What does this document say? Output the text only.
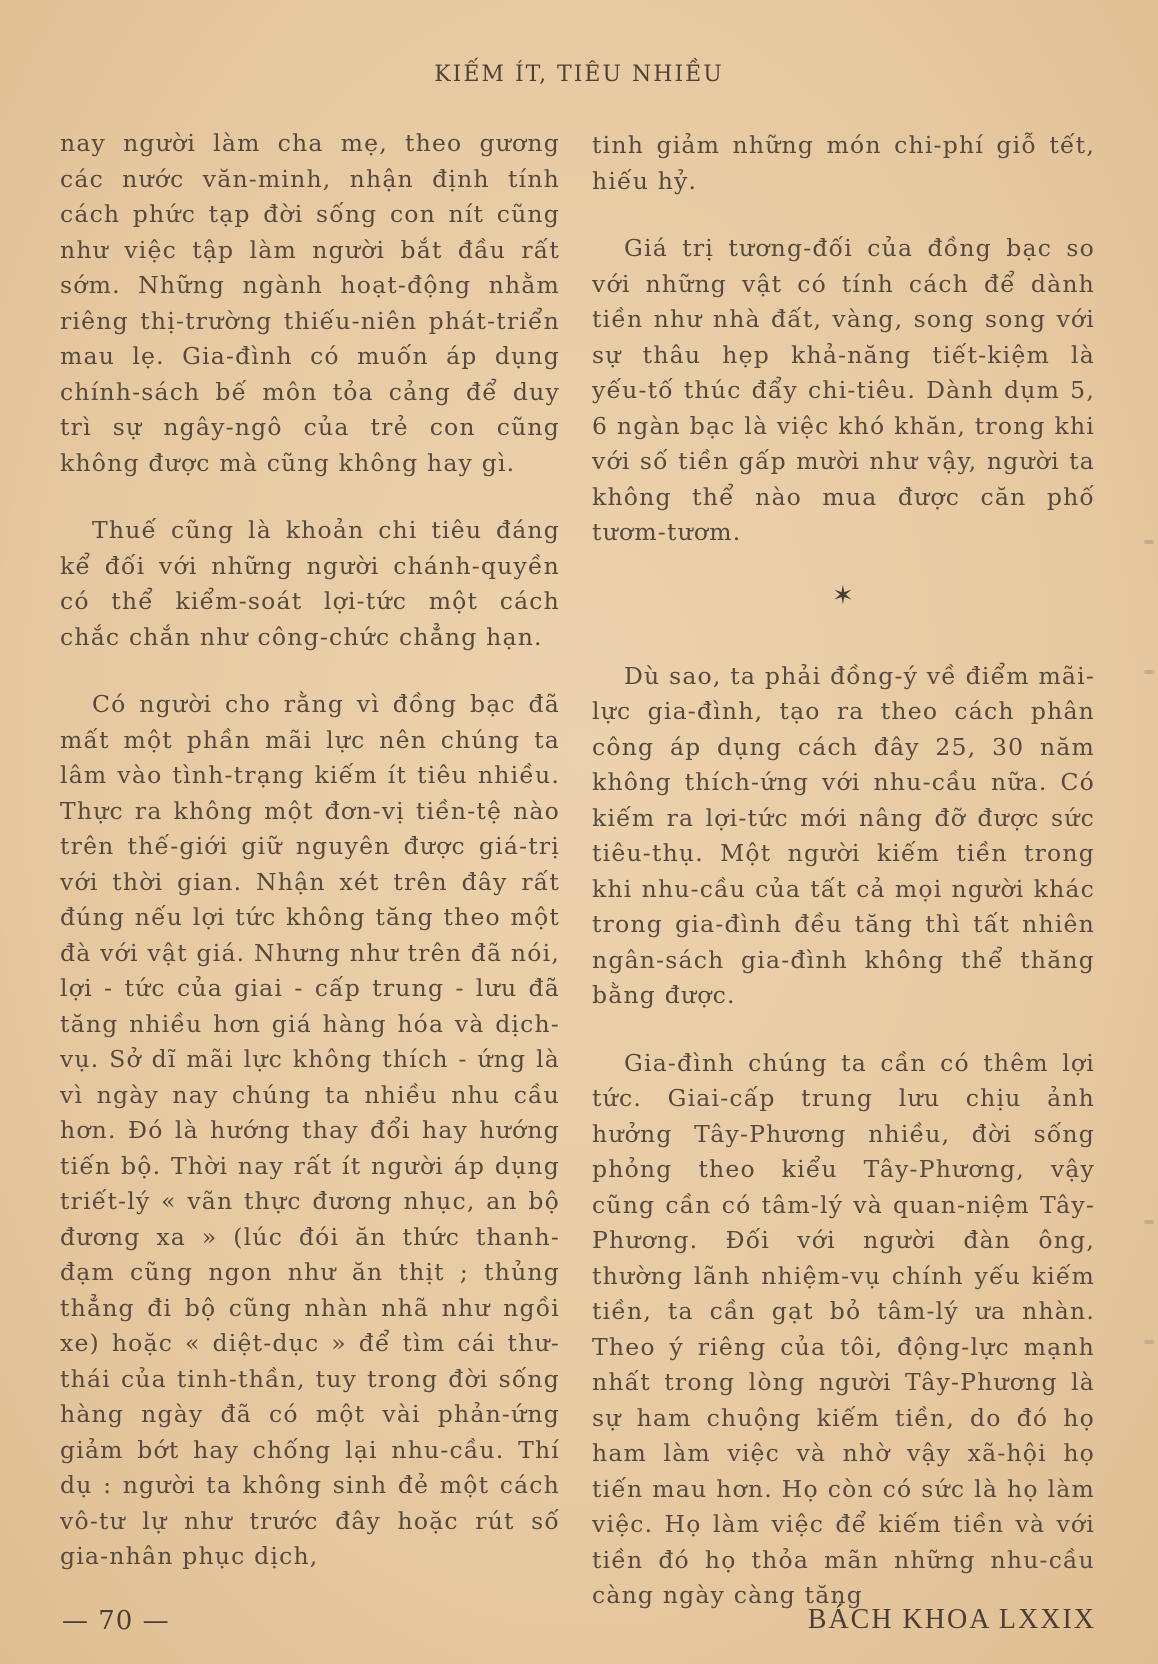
KIẾM ÍT, TIÊU NHIỀU

nay người làm cha mẹ, theo gương các nước văn-minh, nhận định tính cách phức tạp đời sống con nít cũng như việc tập làm người bắt đầu rất sớm. Những ngành hoạt-động nhằm riêng thị-trường thiếu-niên phát-triển mau lẹ. Gia-đình có muốn áp dụng chính-sách bế môn tỏa cảng để duy trì sự ngây-ngô của trẻ con cũng không được mà cũng không hay gì.

Thuế cũng là khoản chi tiêu đáng kể đối với những người chánh-quyền có thể kiểm-soát lợi-tức một cách chắc chắn như công-chức chẳng hạn.

Có người cho rằng vì đồng bạc đã mất một phần mãi lực nên chúng ta lâm vào tình-trạng kiếm ít tiêu nhiều. Thực ra không một đơn-vị tiền-tệ nào trên thế-giới giữ nguyên được giá-trị với thời gian. Nhận xét trên đây rất đúng nếu lợi tức không tăng theo một đà với vật giá. Nhưng như trên đã nói, lợi - tức của giai - cấp trung - lưu đã tăng nhiều hơn giá hàng hóa và dịch-vụ. Sở dĩ mãi lực không thích - ứng là vì ngày nay chúng ta nhiều nhu cầu hơn. Đó là hướng thay đổi hay hướng tiến bộ. Thời nay rất ít người áp dụng triết-lý « vãn thực đương nhục, an bộ đương xa » (lúc đói ăn thức thanh-đạm cũng ngon như ăn thịt ; thủng thẳng đi bộ cũng nhàn nhã như ngồi xe) hoặc « diệt-dục » để tìm cái thư-thái của tinh-thần, tuy trong đời sống hàng ngày đã có một vài phản-ứng giảm bớt hay chống lại nhu-cầu. Thí dụ : người ta không sinh đẻ một cách vô-tư lự như trước đây hoặc rút số gia-nhân phục dịch,

tinh giảm những món chi-phí giỗ tết, hiếu hỷ.

Giá trị tương-đối của đồng bạc so với những vật có tính cách để dành tiền như nhà đất, vàng, song song với sự thâu hẹp khả-năng tiết-kiệm là yếu-tố thúc đẩy chi-tiêu. Dành dụm 5, 6 ngàn bạc là việc khó khăn, trong khi với số tiền gấp mười như vậy, người ta không thể nào mua được căn phố tươm-tươm.

✶

Dù sao, ta phải đồng-ý về điểm mãi-lực gia-đình, tạo ra theo cách phân công áp dụng cách đây 25, 30 năm không thích-ứng với nhu-cầu nữa. Có kiếm ra lợi-tức mới nâng đỡ được sức tiêu-thụ. Một người kiếm tiền trong khi nhu-cầu của tất cả mọi người khác trong gia-đình đều tăng thì tất nhiên ngân-sách gia-đình không thể thăng bằng được.

Gia-đình chúng ta cần có thêm lợi tức. Giai-cấp trung lưu chịu ảnh hưởng Tây-Phương nhiều, đời sống phỏng theo kiểu Tây-Phương, vậy cũng cần có tâm-lý và quan-niệm Tây-Phương. Đối với người đàn ông, thường lãnh nhiệm-vụ chính yếu kiếm tiền, ta cần gạt bỏ tâm-lý ưa nhàn. Theo ý riêng của tôi, động-lực mạnh nhất trong lòng người Tây-Phương là sự ham chuộng kiếm tiền, do đó họ ham làm việc và nhờ vậy xã-hội họ tiến mau hơn. Họ còn có sức là họ làm việc. Họ làm việc để kiếm tiền và với tiền đó họ thỏa mãn những nhu-cầu càng ngày càng tăng

— 70 —	BÁCH KHOA LXXIX
